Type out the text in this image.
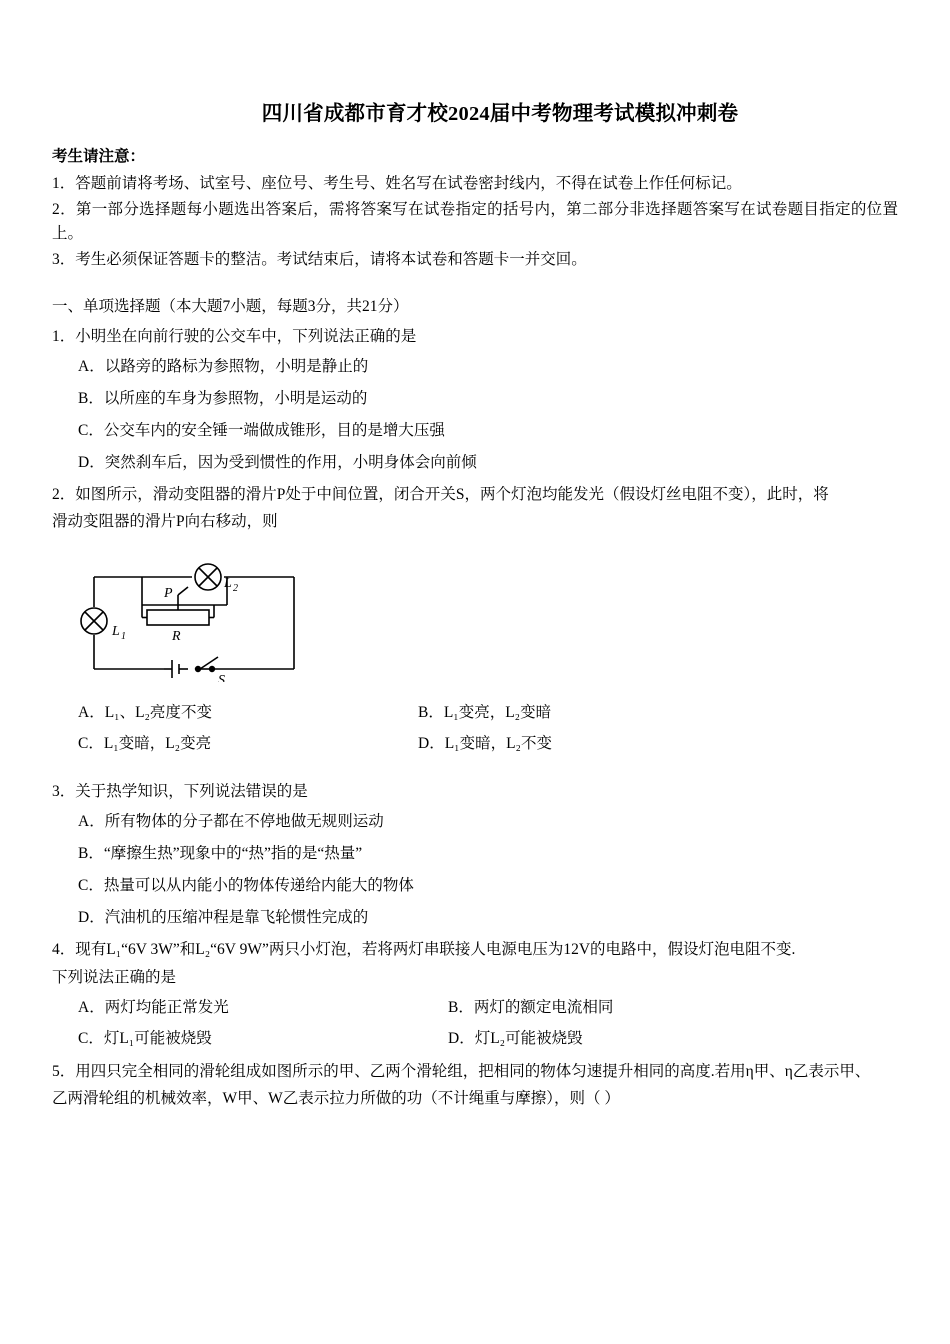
四川省成都市育才校2024届中考物理考试模拟冲刺卷
考生请注意：

1．答题前请将考场、试室号、座位号、考生号、姓名写在试卷密封线内，不得在试卷上作任何标记。

2．第一部分选择题每小题选出答案后，需将答案写在试卷指定的括号内，第二部分非选择题答案写在试卷题目指定的位置上。

3．考生必须保证答题卡的整洁。考试结束后，请将本试卷和答题卡一并交回。

一、单项选择题（本大题7小题，每题3分，共21分）

1．小明坐在向前行驶的公交车中，下列说法正确的是

A．以路旁的路标为参照物，小明是静止的

B．以所座的车身为参照物，小明是运动的

C．公交车内的安全锤一端做成锥形，目的是增大压强

D．突然刹车后，因为受到惯性的作用，小明身体会向前倾

2．如图所示，滑动变阻器的滑片P处于中间位置，闭合开关S，两个灯泡均能发光（假设灯丝电阻不变），此时，将

滑动变阻器的滑片P向右移动，则

L 2
L 1
P
R
S
A．L₁、L₂亮度不变	B．L₁变亮，L₂变暗
C．L₁变暗，L₂变亮	D．L₁变暗，L₂不变

3．关于热学知识，下列说法错误的是

A．所有物体的分子都在不停地做无规则运动

B．“摩擦生热”现象中的“热”指的是“热量”

C．热量可以从内能小的物体传递给内能大的物体

D．汽油机的压缩冲程是靠飞轮惯性完成的

4．现有L₁“6V 3W”和L₂“6V 9W”两只小灯泡，若将两灯串联接人电源电压为12V的电路中，假设灯泡电阻不变.

下列说法正确的是

A．两灯均能正常发光	B．两灯的额定电流相同
C．灯L₁可能被烧毁	D．灯L₂可能被烧毁

5．用四只完全相同的滑轮组成如图所示的甲、乙两个滑轮组，把相同的物体匀速提升相同的高度.若用η甲、η乙表示甲、

乙两滑轮组的机械效率，W甲、W乙表示拉力所做的功（不计绳重与摩擦），则（ ）
